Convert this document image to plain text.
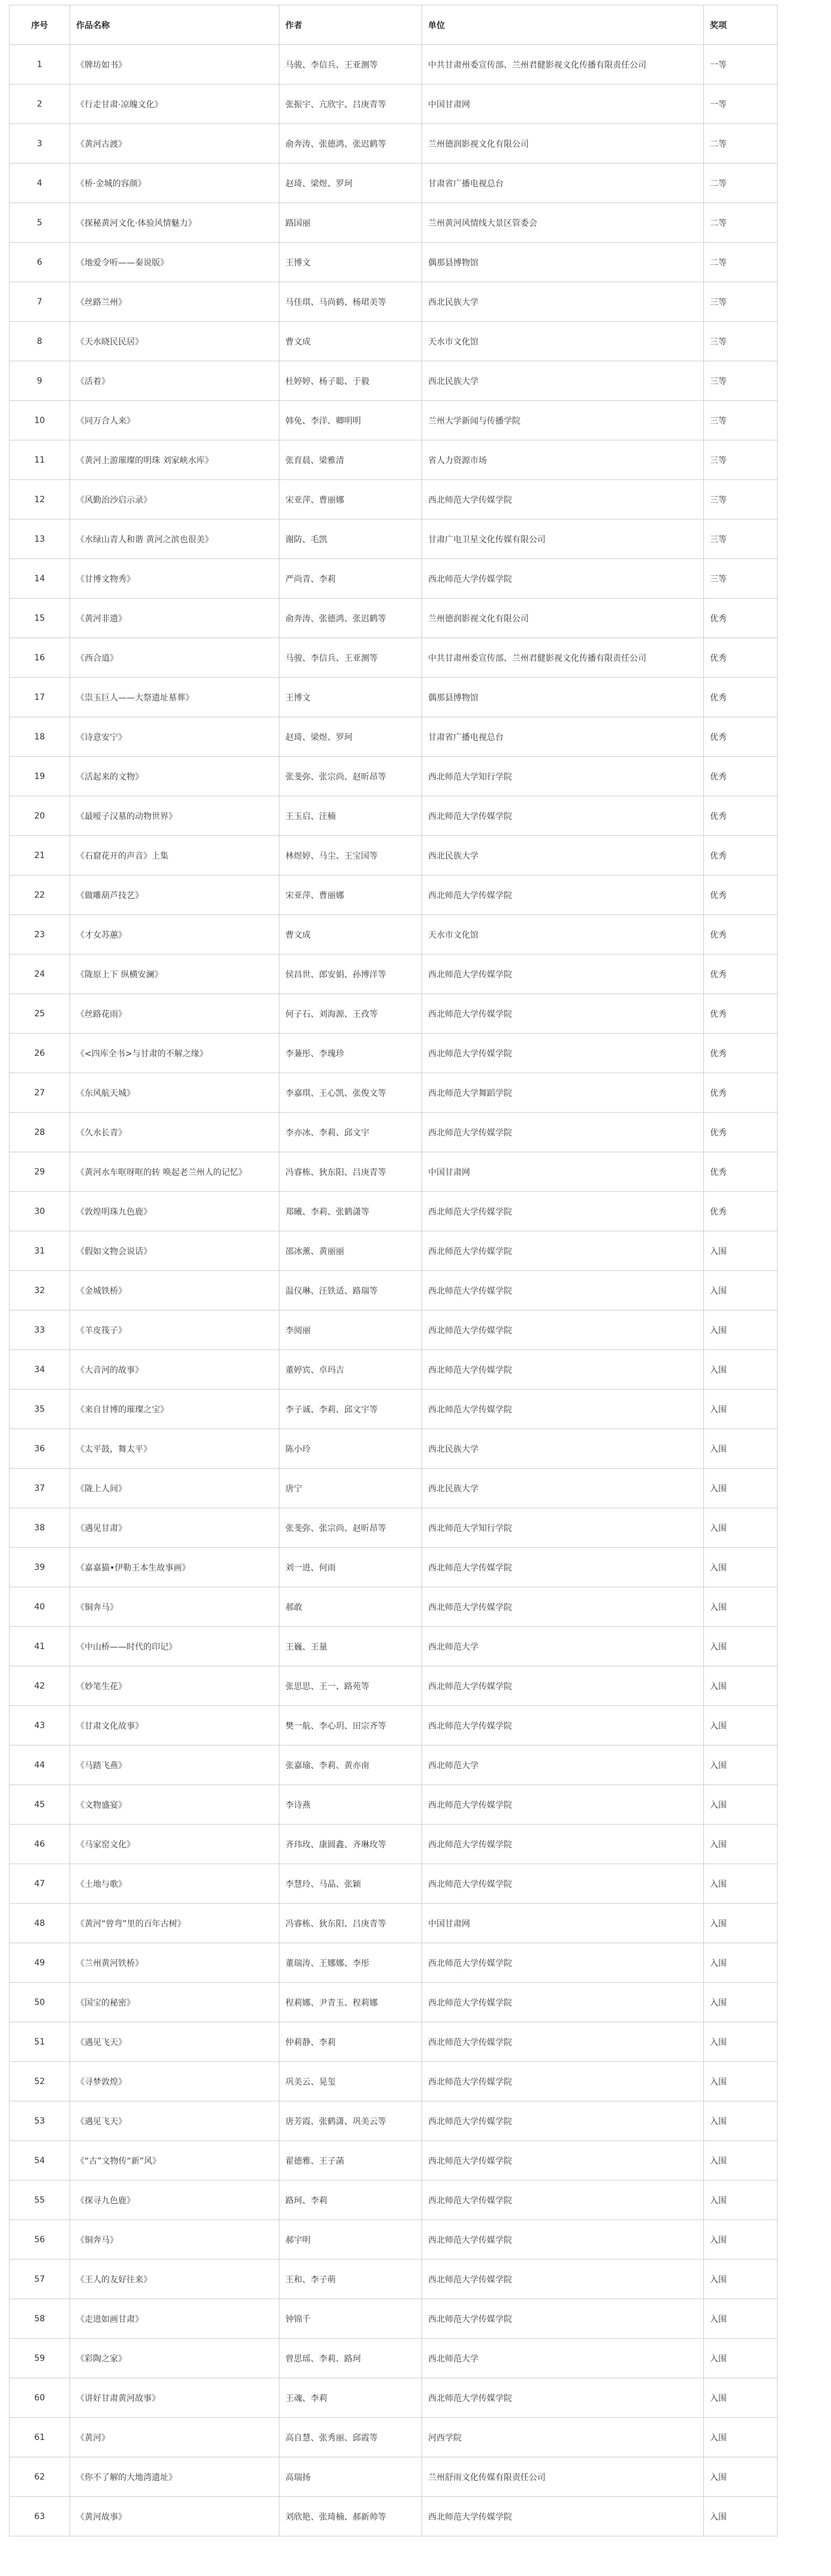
序号	作品名称	作者	单位	奖项
1	《牌坊如书》	马骏、李信兵、王亚测等	中共甘肃州委宣传部、兰州君健影视文化传播有限责任公司	一等
2	《行走甘肃·凉魄文化》	张振宇、亢欣宇、吕庚青等	中国甘肃网	一等
3	《黄河古渡》	俞奔涛、张德鸿、张迟鹤等	兰州德润影视文化有限公司	二等
4	《桥·金城的容颜》	赵琦、梁煜、罗珂	甘肃省广播电视总台	二等
5	《探秘黄河文化·体验风情魅力》	路国丽	兰州黄河风情线大景区管委会	二等
6	《地爱令听——秦说版》	王博文	偶那县博物馆	二等
7	《丝路兰州》	马佳琪、马尚鹤、杨珺美等	西北民族大学	三等
8	《天水晓民民居》	曹文成	天水市文化馆	三等
9	《活着》	杜婷婷、杨子聪、于毅	西北民族大学	三等
10	《同万合人来》	韩免、李洋、卿明明	兰州大学新闻与传播学院	三等
11	《黄河上游璀璨的明珠 刘家峡水库》	张育晨、梁雅清	省人力资源市场	三等
12	《风勤治沙启示录》	宋亚萍、曹丽娜	西北师范大学传媒学院	三等
13	《水绿山青人和谐 黄河之滨也很美》	谢防、毛凯	甘肃广电卫星文化传媒有限公司	三等
14	《甘博文物秀》	严尚青、李莉	西北师范大学传媒学院	三等
15	《黄河非遗》	俞奔涛、张德鸿、张迟鹤等	兰州德润影视文化有限公司	优秀
16	《西合道》	马骏、李信兵、王亚测等	中共甘肃州委宣传部、兰州君健影视文化传播有限责任公司	优秀
17	《祟玉巨人——大祭遗址墓葬》	王博文	偶那县博物馆	优秀
18	《诗意安宁》	赵琦、梁煜、罗珂	甘肃省广播电视总台	优秀
19	《活起来的文物》	张斐弥、张宗尚、赵昕昂等	西北师范大学知行学院	优秀
20	《最嗳子汉墓的动物世界》	王玉启、汪楠	西北师范大学传媒学院	优秀
21	《石窟花开的声音》上集	林煜婷、马尘、王宝国等	西北民族大学	优秀
22	《做雕葫芦技艺》	宋亚萍、曹丽娜	西北师范大学传媒学院	优秀
23	《才女苏蕙》	曹文成	天水市文化馆	优秀
24	《陇原上下 纵横安澜》	侯昌世、郎安娟、孙博洋等	西北师范大学传媒学院	优秀
25	《丝路花雨》	何子石、刘海源、王孜等	西北师范大学传媒学院	优秀
26	《<四库全书>与甘肃的不解之缘》	李蒹彤、李瑰珍	西北师范大学传媒学院	优秀
27	《东风航天城》	李嘉琪、王心凯、张俊文等	西北师范大学舞蹈学院	优秀
28	《久水长青》	李亦冰、李莉、邱文宇	西北师范大学传媒学院	优秀
29	《黄河水车哐呀哐的转 唤起老兰州人的记忆》	冯睿栋、狄东阳、吕庚青等	中国甘肃网	优秀
30	《敦煌明珠九色鹿》	郑曦、李莉、张鹤潇等	西北师范大学传媒学院	优秀
31	《假如文物会说话》	邵冰薰、黄丽丽	西北师范大学传媒学院	入围
32	《金城铁桥》	温仪琳、汪铁适、路瑞等	西北师范大学传媒学院	入围
33	《羊皮筏子》	李阅丽	西北师范大学传媒学院	入围
34	《大音河的故事》	董婷宾、卓玛吉	西北师范大学传媒学院	入围
35	《来自甘博的璀璨之宝》	李子诚、李莉、邱文宇等	西北师范大学传媒学院	入围
36	《太平鼓，舞太平》	陈小玲	西北民族大学	入围
37	《陇上人间》	唐宁	西北民族大学	入围
38	《遇见甘肃》	张斐弥、张宗尚、赵昕昂等	西北师范大学知行学院	入围
39	《嘉嘉猫•伊勒王本生故事画》	刘一进、何雨	西北师范大学传媒学院	入围
40	《铜奔马》	郝敢	西北师范大学传媒学院	入围
41	《中山桥——时代的印记》	王巍、王量	西北师范大学	入围
42	《妙笔生花》	张思思、王一、路苑等	西北师范大学传媒学院	入围
43	《甘肃文化故事》	樊一航、李心玥、田宗齐等	西北师范大学传媒学院	入围
44	《马踏飞燕》	张嘉瑜、李莉、黄亦南	西北师范大学	入围
45	《文物盛宴》	李诗燕	西北师范大学传媒学院	入围
46	《马家窑文化》	齐玮玫、康圆鑫、齐琳玫等	西北师范大学传媒学院	入围
47	《土地与歌》	李慧玲、马晶、张颖	西北师范大学传媒学院	入围
48	《黄河“曾弯”里的百年古树》	冯睿栋、狄东阳、吕庚青等	中国甘肃网	入围
49	《兰州黄河铁桥》	董瑞涛、王娜娜、李彤	西北师范大学传媒学院	入围
50	《国宝的秘密》	程莉娜、尹青玉、程莉娜	西北师范大学传媒学院	入围
51	《遇见飞天》	仲莉静、李莉	西北师范大学传媒学院	入围
52	《寻梦敦煌》	巩美云、晃玺	西北师范大学传媒学院	入围
53	《遇见飞天》	唐芳霞、张鹤潇、巩美云等	西北师范大学传媒学院	入围
54	《“古”文物传“新”风》	翟德雅、王子菡	西北师范大学传媒学院	入围
55	《探寻九色鹿》	路珂、李莉	西北师范大学传媒学院	入围
56	《铜奔马》	郝宇明	西北师范大学传媒学院	入围
57	《王人的友好往来》	王和、李子萌	西北师范大学传媒学院	入围
58	《走进如画甘肃》	钟锦千	西北师范大学传媒学院	入围
59	《彩陶之家》	曾思瑶、李莉、路珂	西北师范大学	入围
60	《讲好甘肃黄河故事》	王魂、李莉	西北师范大学传媒学院	入围
61	《黄河》	高自慧、张秀丽、邱霞等	河西学院	入围
62	《你不了解的大地湾遗址》	高瑞扬	兰州舒雨文化传媒有限责任公司	入围
63	《黄河故事》	刘欣艳、张琦楠、郝新帅等	西北师范大学传媒学院	入围
